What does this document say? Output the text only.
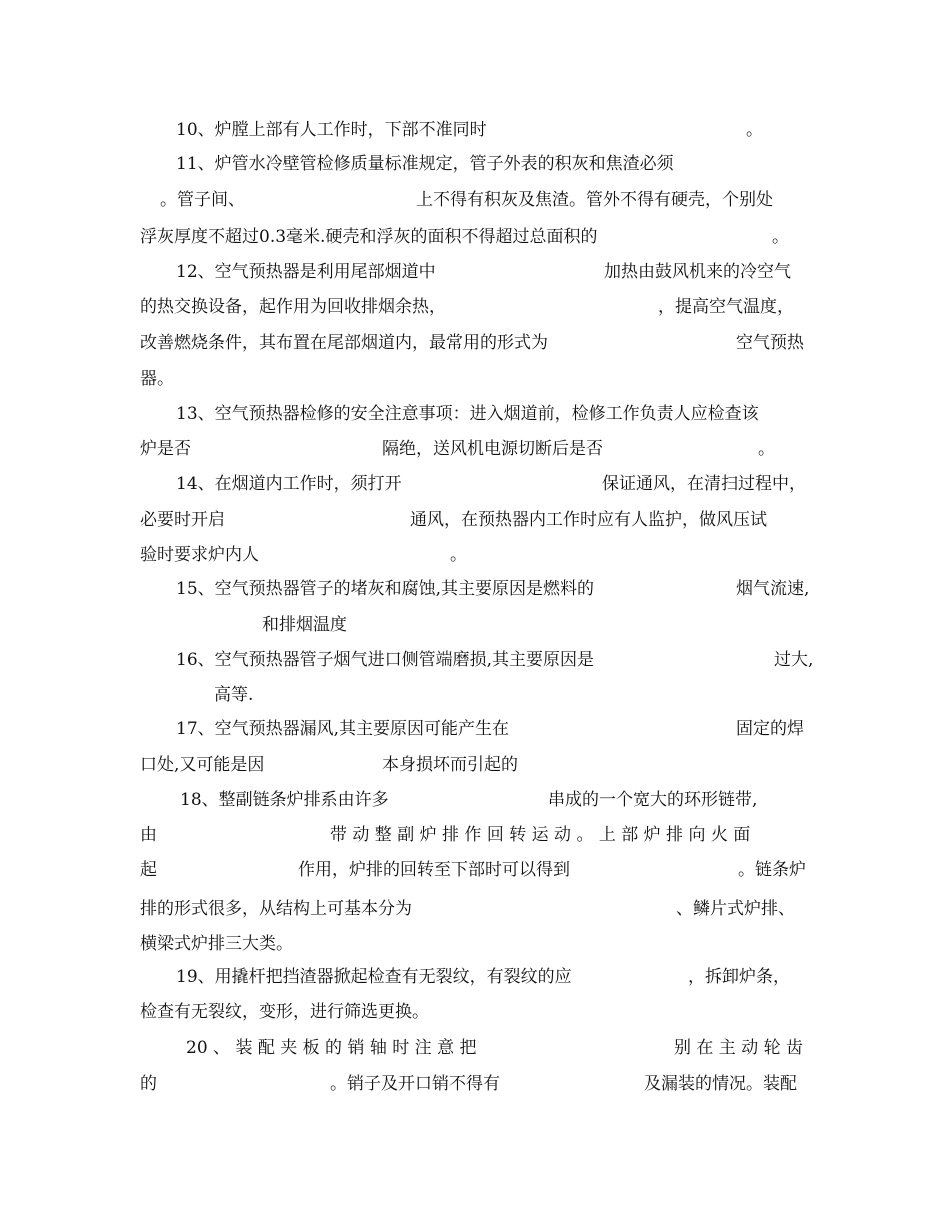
10、炉膛上部有人工作时，下部不准同时	。
11、炉管水冷壁管检修质量标准规定，管子外表的积灰和焦渣必须
。管子间、	上不得有积灰及焦渣。管外不得有硬壳，个别处
浮灰厚度不超过0.3毫米.硬壳和浮灰的面积不得超过总面积的	。
12、空气预热器是利用尾部烟道中	加热由鼓风机来的冷空气
的热交换设备，起作用为回收排烟余热，	，提高空气温度，
改善燃烧条件，其布置在尾部烟道内，最常用的形式为	空气预热
器。
13、空气预热器检修的安全注意事项：进入烟道前，检修工作负责人应检查该
炉是否	隔绝，送风机电源切断后是否	。
14、在烟道内工作时，须打开	保证通风，在清扫过程中，
必要时开启	通风，在预热器内工作时应有人监护，做风压试
验时要求炉内人	。
15、空气预热器管子的堵灰和腐蚀,其主要原因是燃料的	烟气流速,
和排烟温度
16、空气预热器管子烟气进口侧管端磨损,其主要原因是	过大,
高等.
17、空气预热器漏风,其主要原因可能产生在	固定的焊
口处,又可能是因	本身损坏而引起的
18、整副链条炉排系由许多	串成的一个宽大的环形链带,
由	带 动 整 副 炉 排 作 回 转 运 动 。 上 部 炉 排 向 火 面
起	作用，炉排的回转至下部时可以得到	。链条炉
排的形式很多，从结构上可基本分为	、鳞片式炉排、
横梁式炉排三大类。
19、用撬杆把挡渣器掀起检查有无裂纹，有裂纹的应	，拆卸炉条，
检查有无裂纹，变形，进行筛选更换。
20 、 装 配 夹 板 的 销 轴 时 注 意 把	别 在 主 动 轮 齿
的	。销子及开口销不得有	及漏装的情况。装配
